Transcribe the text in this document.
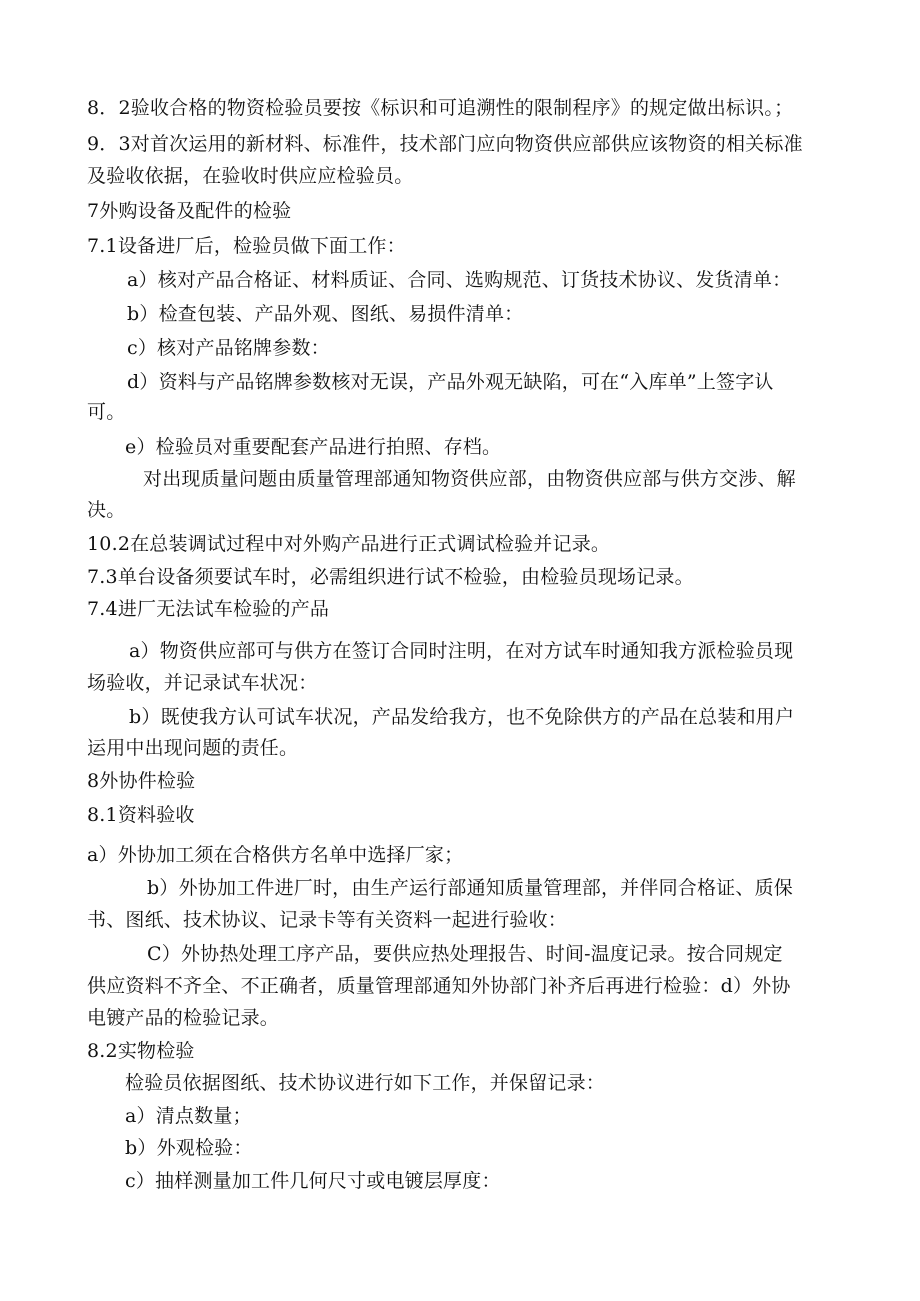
8．2验收合格的物资检验员要按《标识和可追溯性的限制程序》的规定做出标识。；
9．3对首次运用的新材料、标准件，技术部门应向物资供应部供应该物资的相关标准
及验收依据，在验收时供应应检验员。
7外购设备及配件的检验
7.1设备进厂后，检验员做下面工作：
a）核对产品合格证、材料质证、合同、选购规范、订货技术协议、发货清单：
b）检查包装、产品外观、图纸、易损件清单：
c）核对产品铭牌参数：
d）资料与产品铭牌参数核对无误，产品外观无缺陷，可在“入库单”上签字认
可。
e）检验员对重要配套产品进行拍照、存档。
对出现质量问题由质量管理部通知物资供应部，由物资供应部与供方交涉、解
决。
10.2在总装调试过程中对外购产品进行正式调试检验并记录。
7.3单台设备须要试车时，必需组织进行试不检验，由检验员现场记录。
7.4进厂无法试车检验的产品
a）物资供应部可与供方在签订合同时注明，在对方试车时通知我方派检验员现
场验收，并记录试车状况：
b）既使我方认可试车状况，产品发给我方，也不免除供方的产品在总装和用户
运用中出现问题的责任。
8外协件检验
8.1资料验收
a）外协加工须在合格供方名单中选择厂家；
b）外协加工件进厂时，由生产运行部通知质量管理部，并伴同合格证、质保
书、图纸、技术协议、记录卡等有关资料一起进行验收：
C）外协热处理工序产品，要供应热处理报告、时间-温度记录。按合同规定
供应资料不齐全、不正确者，质量管理部通知外协部门补齐后再进行检验：d）外协
电镀产品的检验记录。
8.2实物检验
检验员依据图纸、技术协议进行如下工作，并保留记录：
a）清点数量；
b）外观检验：
c）抽样测量加工件几何尺寸或电镀层厚度：
